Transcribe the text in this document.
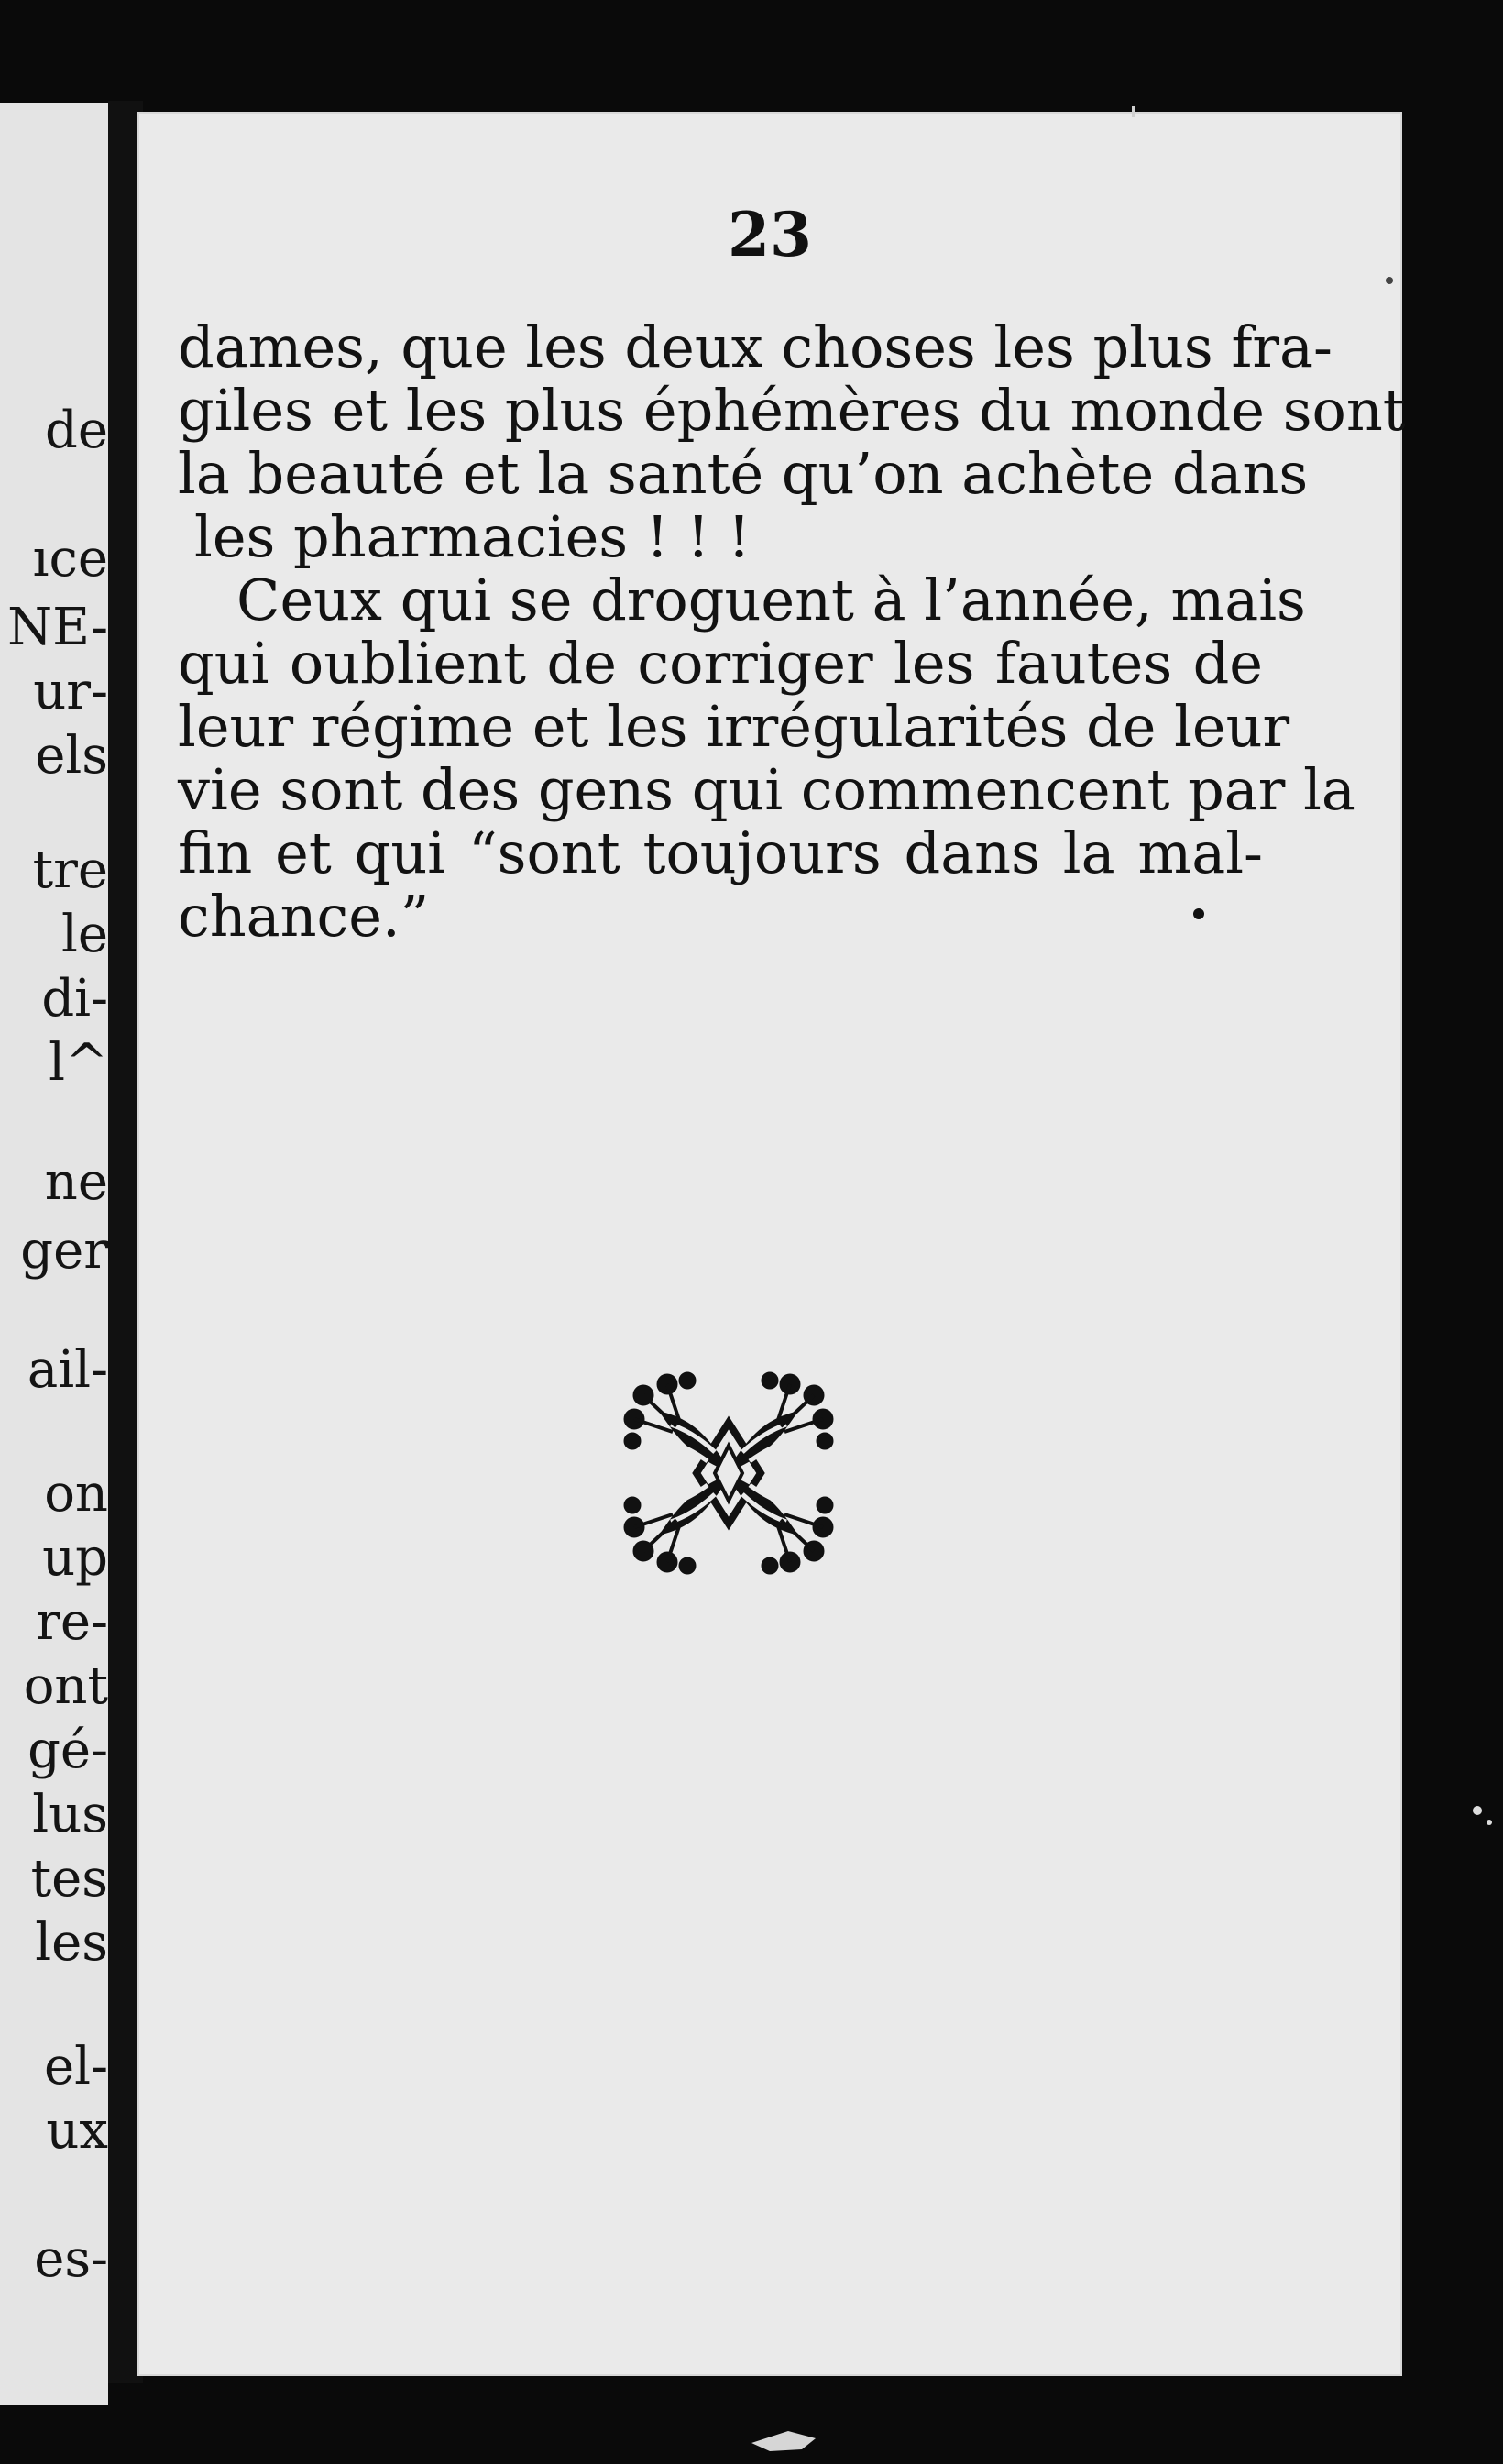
de

ıce

NE-

ur-

els

tre

le

di-

l^

ne

ger

ail-

on

up

re-

ont

gé-

lus

tes

les

el-

ux

es-

23

dames, que les deux choses les plus fra-
giles et les plus éphémères du monde sont
la beauté et la santé qu’on achète dans
les pharmacies ! ! !
Ceux qui se droguent à l’année, mais
qui oublient de corriger les fautes de
leur régime et les irrégularités de leur
vie sont des gens qui commencent par la
fin et qui “sont toujours dans la mal-
chance.”
